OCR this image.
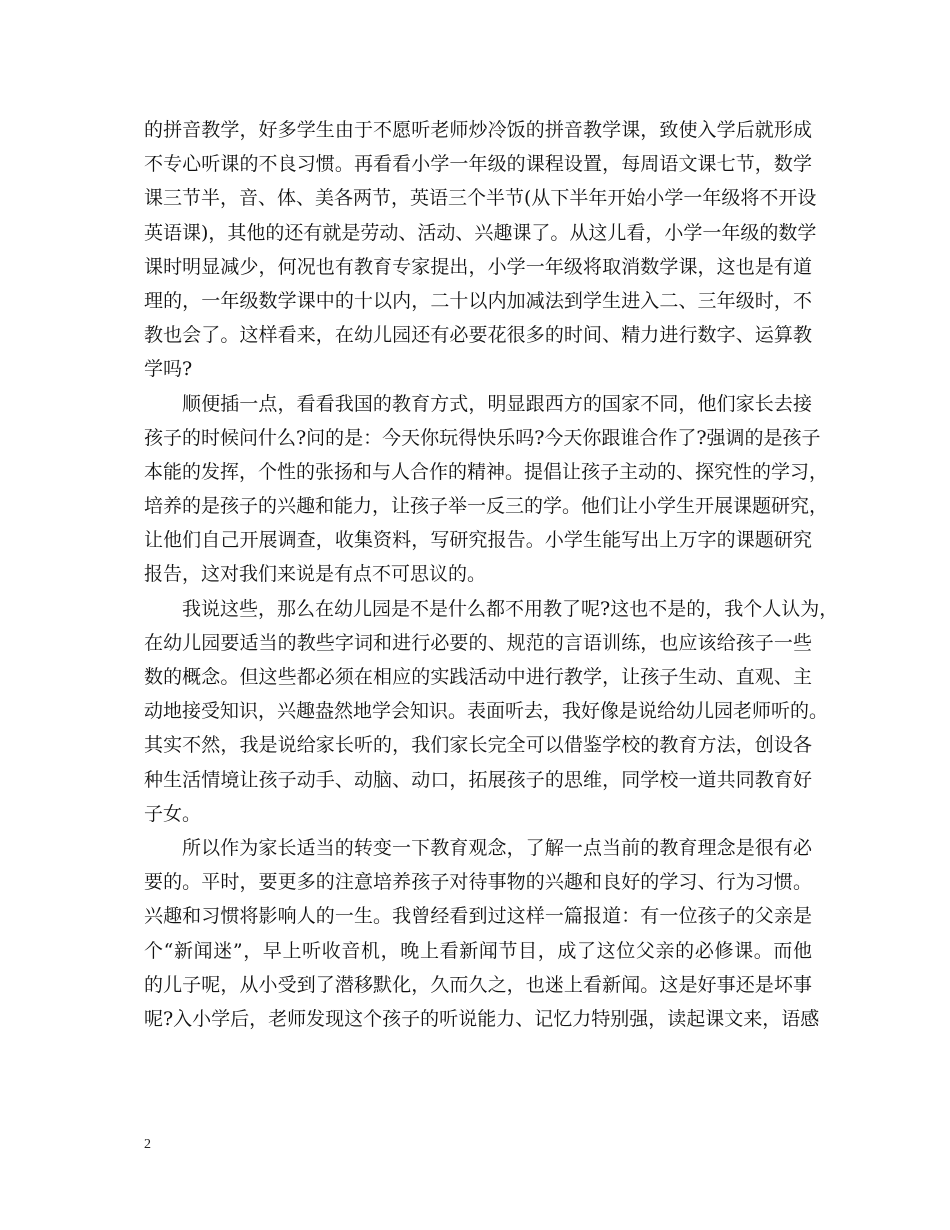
的拼音教学，好多学生由于不愿听老师炒冷饭的拼音教学课，致使入学后就形成
不专心听课的不良习惯。再看看小学一年级的课程设置，每周语文课七节，数学
课三节半，音、体、美各两节，英语三个半节(从下半年开始小学一年级将不开设
英语课)，其他的还有就是劳动、活动、兴趣课了。从这儿看，小学一年级的数学
课时明显减少，何况也有教育专家提出，小学一年级将取消数学课，这也是有道
理的，一年级数学课中的十以内，二十以内加减法到学生进入二、三年级时，不
教也会了。这样看来，在幼儿园还有必要花很多的时间、精力进行数字、运算教
学吗?
顺便插一点，看看我国的教育方式，明显跟西方的国家不同，他们家长去接
孩子的时候问什么?问的是：今天你玩得快乐吗?今天你跟谁合作了?强调的是孩子
本能的发挥，个性的张扬和与人合作的精神。提倡让孩子主动的、探究性的学习，
培养的是孩子的兴趣和能力，让孩子举一反三的学。他们让小学生开展课题研究，
让他们自己开展调查，收集资料，写研究报告。小学生能写出上万字的课题研究
报告，这对我们来说是有点不可思议的。
我说这些，那么在幼儿园是不是什么都不用教了呢?这也不是的，我个人认为，
在幼儿园要适当的教些字词和进行必要的、规范的言语训练，也应该给孩子一些
数的概念。但这些都必须在相应的实践活动中进行教学，让孩子生动、直观、主
动地接受知识，兴趣盎然地学会知识。表面听去，我好像是说给幼儿园老师听的。
其实不然，我是说给家长听的，我们家长完全可以借鉴学校的教育方法，创设各
种生活情境让孩子动手、动脑、动口，拓展孩子的思维，同学校一道共同教育好
子女。
所以作为家长适当的转变一下教育观念，了解一点当前的教育理念是很有必
要的。平时，要更多的注意培养孩子对待事物的兴趣和良好的学习、行为习惯。
兴趣和习惯将影响人的一生。我曾经看到过这样一篇报道：有一位孩子的父亲是
个“新闻迷”，早上听收音机，晚上看新闻节目，成了这位父亲的必修课。而他
的儿子呢，从小受到了潜移默化，久而久之，也迷上看新闻。这是好事还是坏事
呢?入小学后，老师发现这个孩子的听说能力、记忆力特别强，读起课文来，语感
2
